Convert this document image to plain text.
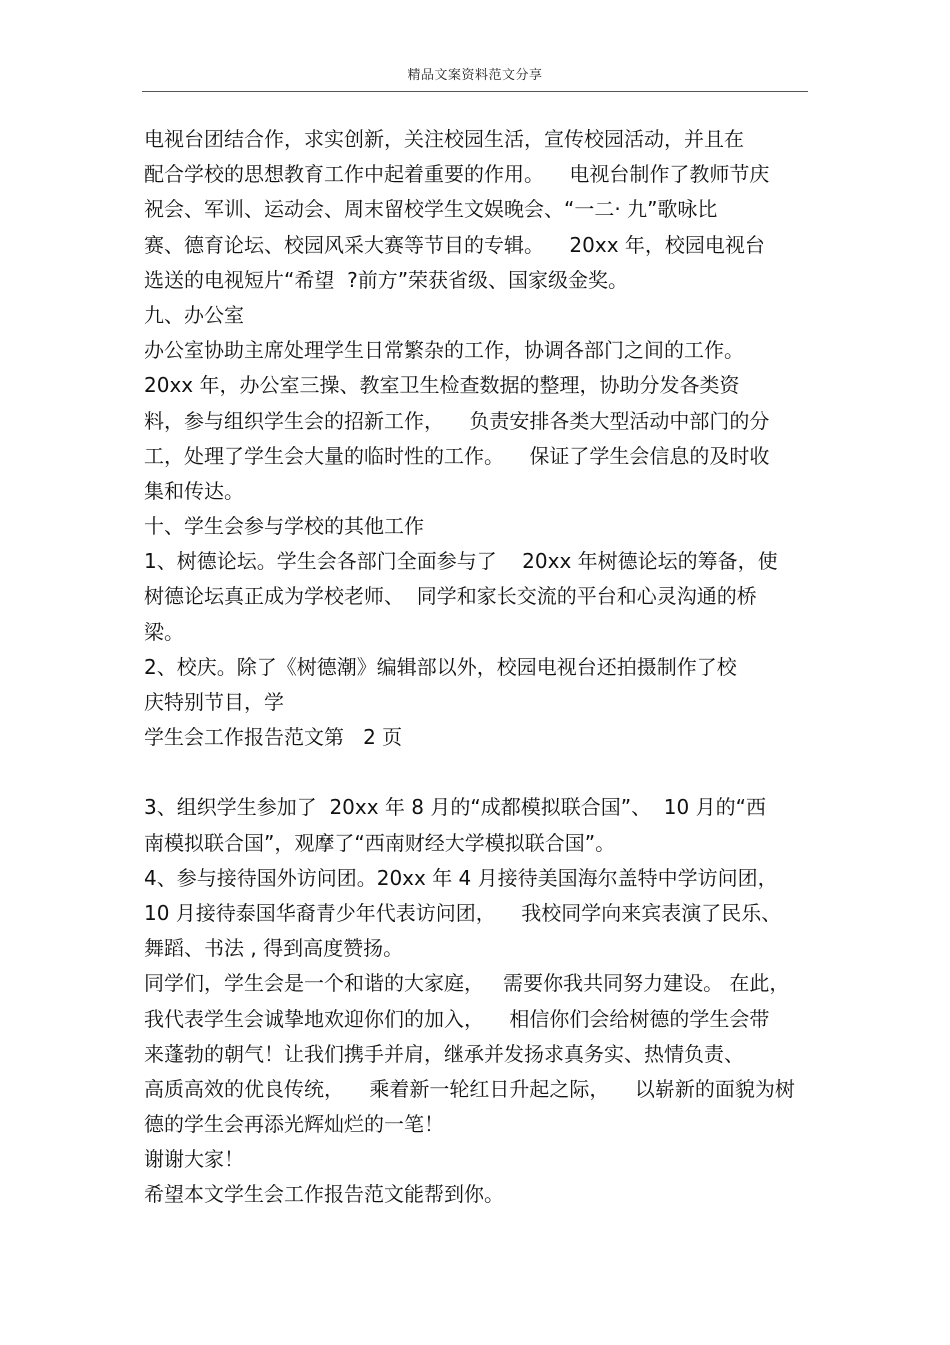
精品文案资料范文分享
电视台团结合作，求实创新，关注校园生活，宣传校园活动，并且在
配合学校的思想教育工作中起着重要的作用。    电视台制作了教师节庆
祝会、军训、运动会、周末留校学生文娱晚会、“一二· 九”歌咏比
赛、德育论坛、校园风采大赛等节目的专辑。    20xx 年，校园电视台
选送的电视短片“希望  ?前方”荣获省级、国家级金奖。
九、办公室
办公室协助主席处理学生日常繁杂的工作，协调各部门之间的工作。
20xx 年，办公室三操、教室卫生检查数据的整理，协助分发各类资
料，参与组织学生会的招新工作，    负责安排各类大型活动中部门的分
工，处理了学生会大量的临时性的工作。    保证了学生会信息的及时收
集和传达。
十、学生会参与学校的其他工作
1、树德论坛。学生会各部门全面参与了    20xx 年树德论坛的筹备，使
树德论坛真正成为学校老师、  同学和家长交流的平台和心灵沟通的桥
梁。
2、校庆。除了《树德潮》编辑部以外，校园电视台还拍摄制作了校
庆特别节目，学
学生会工作报告范文第   2 页
3、组织学生参加了  20xx 年 8 月的“成都模拟联合国”、  10 月的“西
南模拟联合国”，观摩了“西南财经大学模拟联合国”。
4、参与接待国外访问团。20xx 年 4 月接待美国海尔盖特中学访问团，
10 月接待泰国华裔青少年代表访问团，    我校同学向来宾表演了民乐、
舞蹈、书法 , 得到高度赞扬。
同学们，学生会是一个和谐的大家庭，   需要你我共同努力建设。 在此，
我代表学生会诚挚地欢迎你们的加入，    相信你们会给树德的学生会带
来蓬勃的朝气！让我们携手并肩，继承并发扬求真务实、热情负责、
高质高效的优良传统，    乘着新一轮红日升起之际，    以崭新的面貌为树
德的学生会再添光辉灿烂的一笔！
谢谢大家！
希望本文学生会工作报告范文能帮到你。
